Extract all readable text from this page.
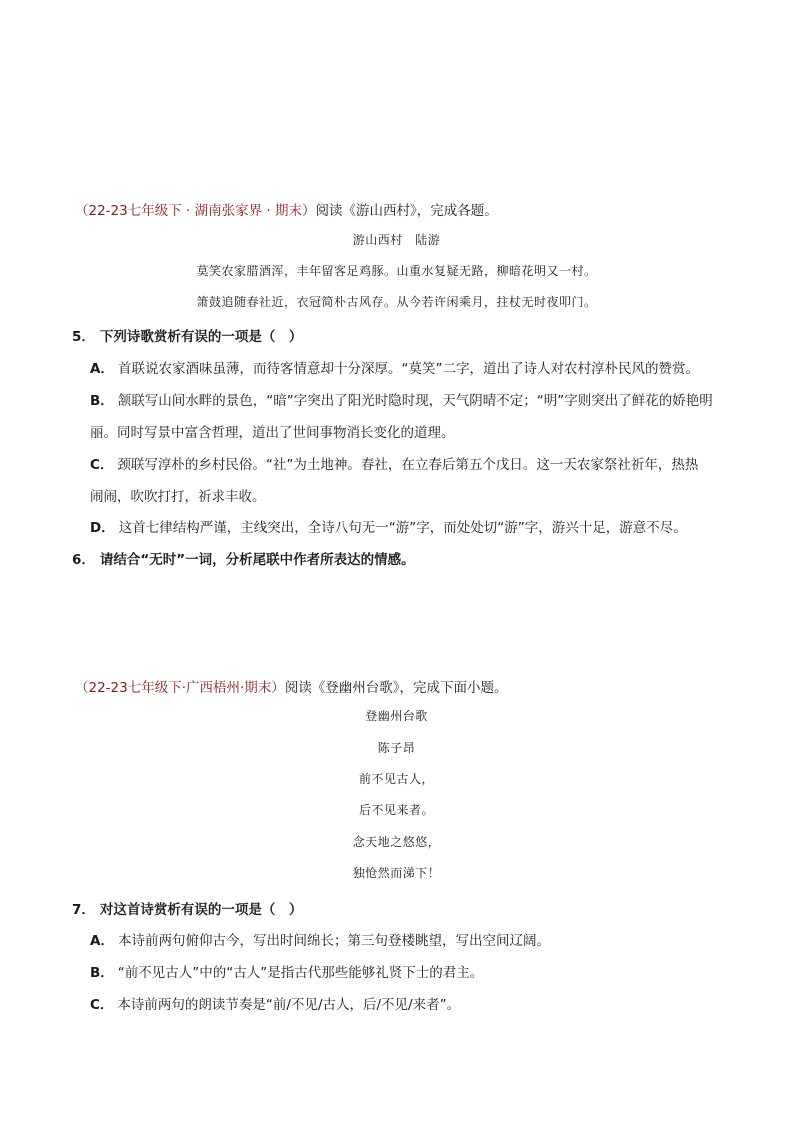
（22-23七年级下 · 湖南张家界 · 期末）阅读《游山西村》，完成各题。
游山西村　陆游
莫笑农家腊酒浑，丰年留客足鸡豚。山重水复疑无路，柳暗花明又一村。
箫鼓追随春社近，衣冠简朴古风存。从今若许闲乘月，拄杖无时夜叩门。
5． 下列诗歌赏析有误的一项是（　）
A． 首联说农家酒味虽薄，而待客情意却十分深厚。“莫笑”二字，道出了诗人对农村淳朴民风的赞赏。
B． 颔联写山间水畔的景色，“暗”字突出了阳光时隐时现，天气阴晴不定；“明”字则突出了鲜花的娇艳明
丽。同时写景中富含哲理，道出了世间事物消长变化的道理。
C． 颈联写淳朴的乡村民俗。“社”为土地神。春社，在立春后第五个戊日。这一天农家祭社祈年，热热
闹闹，吹吹打打，祈求丰收。
D． 这首七律结构严谨，主线突出，全诗八句无一“游”字，而处处切“游”字，游兴十足，游意不尽。
6． 请结合“无时”一词，分析尾联中作者所表达的情感。
（22-23七年级下·广西梧州·期末）阅读《登幽州台歌》，完成下面小题。
登幽州台歌
陈子昂
前不见古人，
后不见来者。
念天地之悠悠，
独怆然而涕下！
7． 对这首诗赏析有误的一项是（　）
A． 本诗前两句俯仰古今，写出时间绵长；第三句登楼眺望，写出空间辽阔。
B． “前不见古人”中的“古人”是指古代那些能够礼贤下士的君主。
C． 本诗前两句的朗读节奏是“前/不见/古人，后/不见/来者”。
